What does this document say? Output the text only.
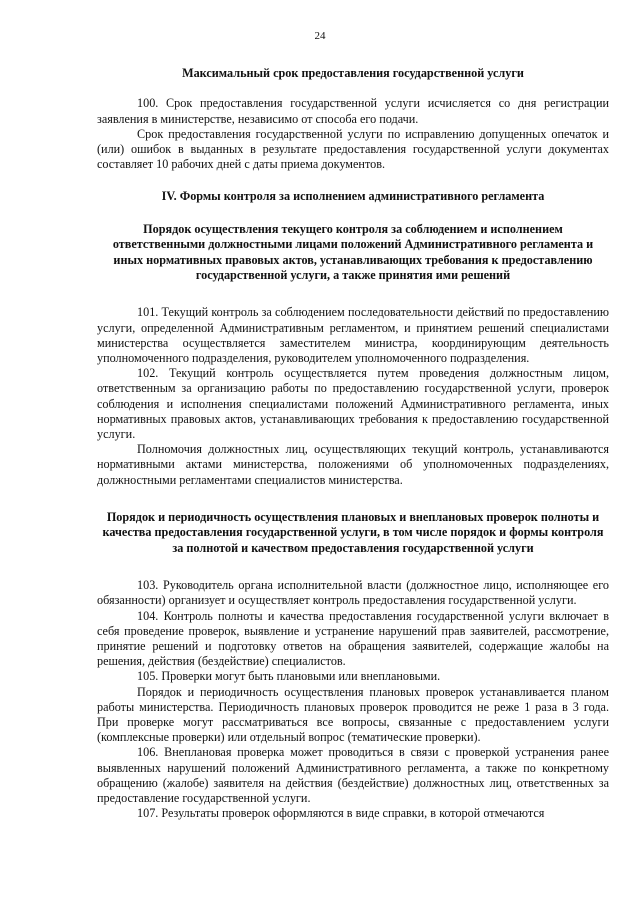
24
Максимальный срок предоставления государственной услуги

100. Срок предоставления государственной услуги исчисляется со дня регистрации заявления в министерстве, независимо от способа его подачи.

Срок предоставления государственной услуги по исправлению допущенных опечаток и (или) ошибок в выданных в результате предоставления государственной услуги документах составляет 10 рабочих дней с даты приема документов.

IV. Формы контроля за исполнением административного регламента
Порядок осуществления текущего контроля за соблюдением и исполнением ответственными должностными лицами положений Административного регламента и иных нормативных правовых актов, устанавливающих требования к предоставлению государственной услуги, а также принятия ими решений

101. Текущий контроль за соблюдением последовательности действий по предоставлению услуги, определенной Административным регламентом, и принятием решений специалистами министерства осуществляется заместителем министра, координирующим деятельность уполномоченного подразделения, руководителем уполномоченного подразделения.

102. Текущий контроль осуществляется путем проведения должностным лицом, ответственным за организацию работы по предоставлению государственной услуги, проверок соблюдения и исполнения специалистами положений Административного регламента, иных нормативных правовых актов, устанавливающих требования к предоставлению государственной услуги.

Полномочия должностных лиц, осуществляющих текущий контроль, устанавливаются нормативными актами министерства, положениями об уполномоченных подразделениях, должностными регламентами специалистов министерства.

Порядок и периодичность осуществления плановых и внеплановых проверок полноты и качества предоставления государственной услуги, в том числе порядок и формы контроля за полнотой и качеством предоставления государственной услуги

103. Руководитель органа исполнительной власти (должностное лицо, исполняющее его обязанности) организует и осуществляет контроль предоставления государственной услуги.

104. Контроль полноты и качества предоставления государственной услуги включает в себя проведение проверок, выявление и устранение нарушений прав заявителей, рассмотрение, принятие решений и подготовку ответов на обращения заявителей, содержащие жалобы на решения, действия (бездействие) специалистов.

105. Проверки могут быть плановыми или внеплановыми.

Порядок и периодичность осуществления плановых проверок устанавливается планом работы министерства. Периодичность плановых проверок проводится не реже 1 раза в 3 года. При проверке могут рассматриваться все вопросы, связанные с предоставлением услуги (комплексные проверки) или отдельный вопрос (тематические проверки).

106. Внеплановая проверка может проводиться в связи с проверкой устранения ранее выявленных нарушений положений Административного регламента, а также по конкретному обращению (жалобе) заявителя на действия (бездействие) должностных лиц, ответственных за предоставление государственной услуги.

107. Результаты проверок оформляются в виде справки, в которой отмечаются
